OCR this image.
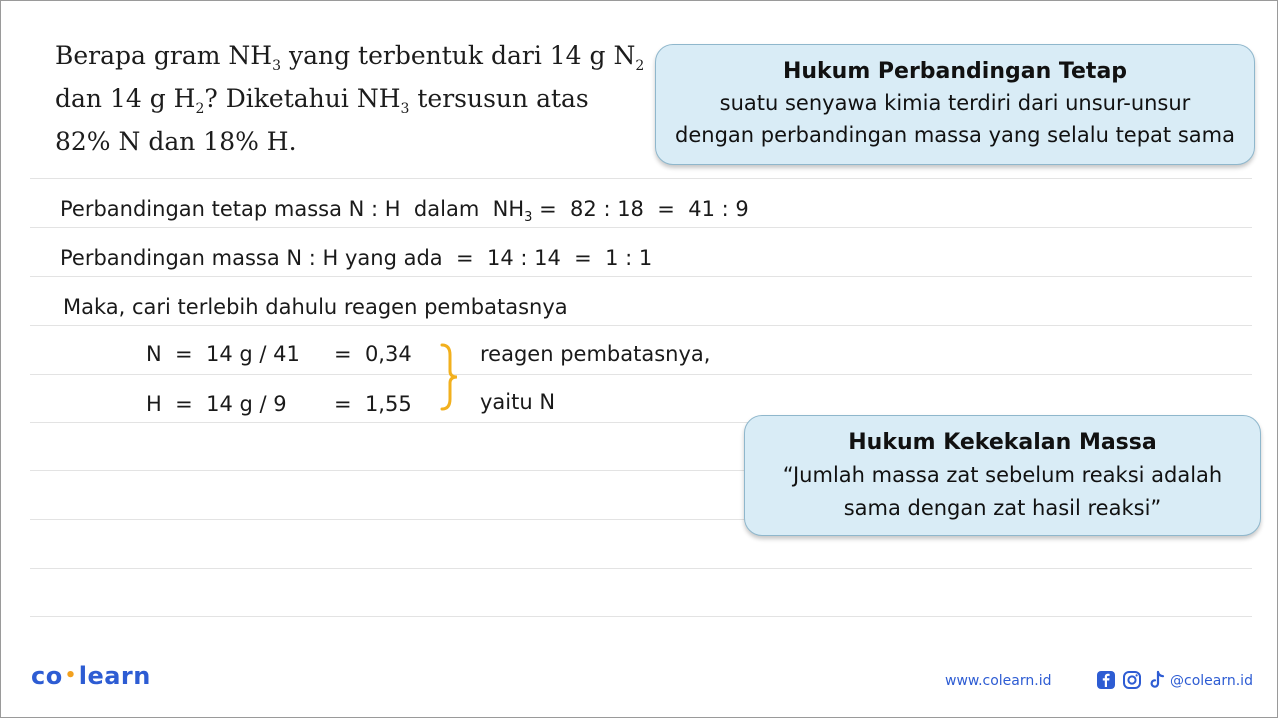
Berapa gram $NH_3$ yang terbentuk dari 14 g $N_2$
dan 14 g $H_2$? Diketahui $NH_3$ tersusun atas
82% N dan 18% H.
Hukum Perbandingan Tetap
suatu senyawa kimia terdiri dari unsur-unsur
dengan perbandingan massa yang selalu tepat sama
Perbandingan tetap massa N : H  dalam  $NH_3 = 82$ : 18  =  41 : 9
Perbandingan massa N : H yang ada  =  14 : 14  =  1 : 1
Maka, cari terlebih dahulu reagen pembatasnya
N  =  14 g / 41 =  0,34
H  =  14 g / 9 =  1,55
reagen pembatasnya,
yaitu N
Hukum Kekekalan Massa
“Jumlah massa zat sebelum reaksi adalah
sama dengan zat hasil reaksi”
co •learn	www.colearn.id	@colearn.id
